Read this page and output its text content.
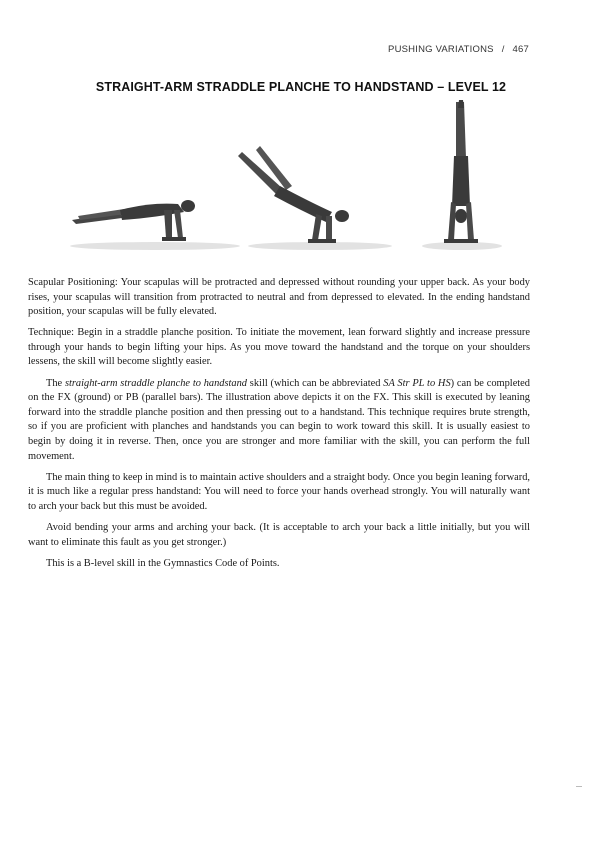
PUSHING VARIATIONS / 467
STRAIGHT-ARM STRADDLE PLANCHE TO HANDSTAND – LEVEL 12

Scapular Positioning: Your scapulas will be protracted and depressed without rounding your upper back. As your body rises, your scapulas will transition from protracted to neutral and from depressed to elevated. In the ending handstand position, your scapulas will be fully elevated.

Technique: Begin in a straddle planche position. To initiate the movement, lean forward slightly and increase pressure through your hands to begin lifting your hips. As you move toward the handstand and the torque on your shoulders lessens, the skill will become slightly easier.

The straight-arm straddle planche to handstand skill (which can be abbreviated SA Str PL to HS) can be completed on the FX (ground) or PB (parallel bars). The illustration above depicts it on the FX. This skill is executed by leaning forward into the straddle planche position and then pressing out to a handstand. This technique requires brute strength, so if you are proficient with planches and handstands you can begin to work toward this skill. It is usually easiest to begin by doing it in reverse. Then, once you are stronger and more familiar with the skill, you can perform the full movement.

The main thing to keep in mind is to maintain active shoulders and a straight body. Once you begin leaning forward, it is much like a regular press handstand: You will need to force your hands overhead strongly. You will naturally want to arch your back but this must be avoided.

Avoid bending your arms and arching your back. (It is acceptable to arch your back a little initially, but you will want to eliminate this fault as you get stronger.)

This is a B-level skill in the Gymnastics Code of Points.
